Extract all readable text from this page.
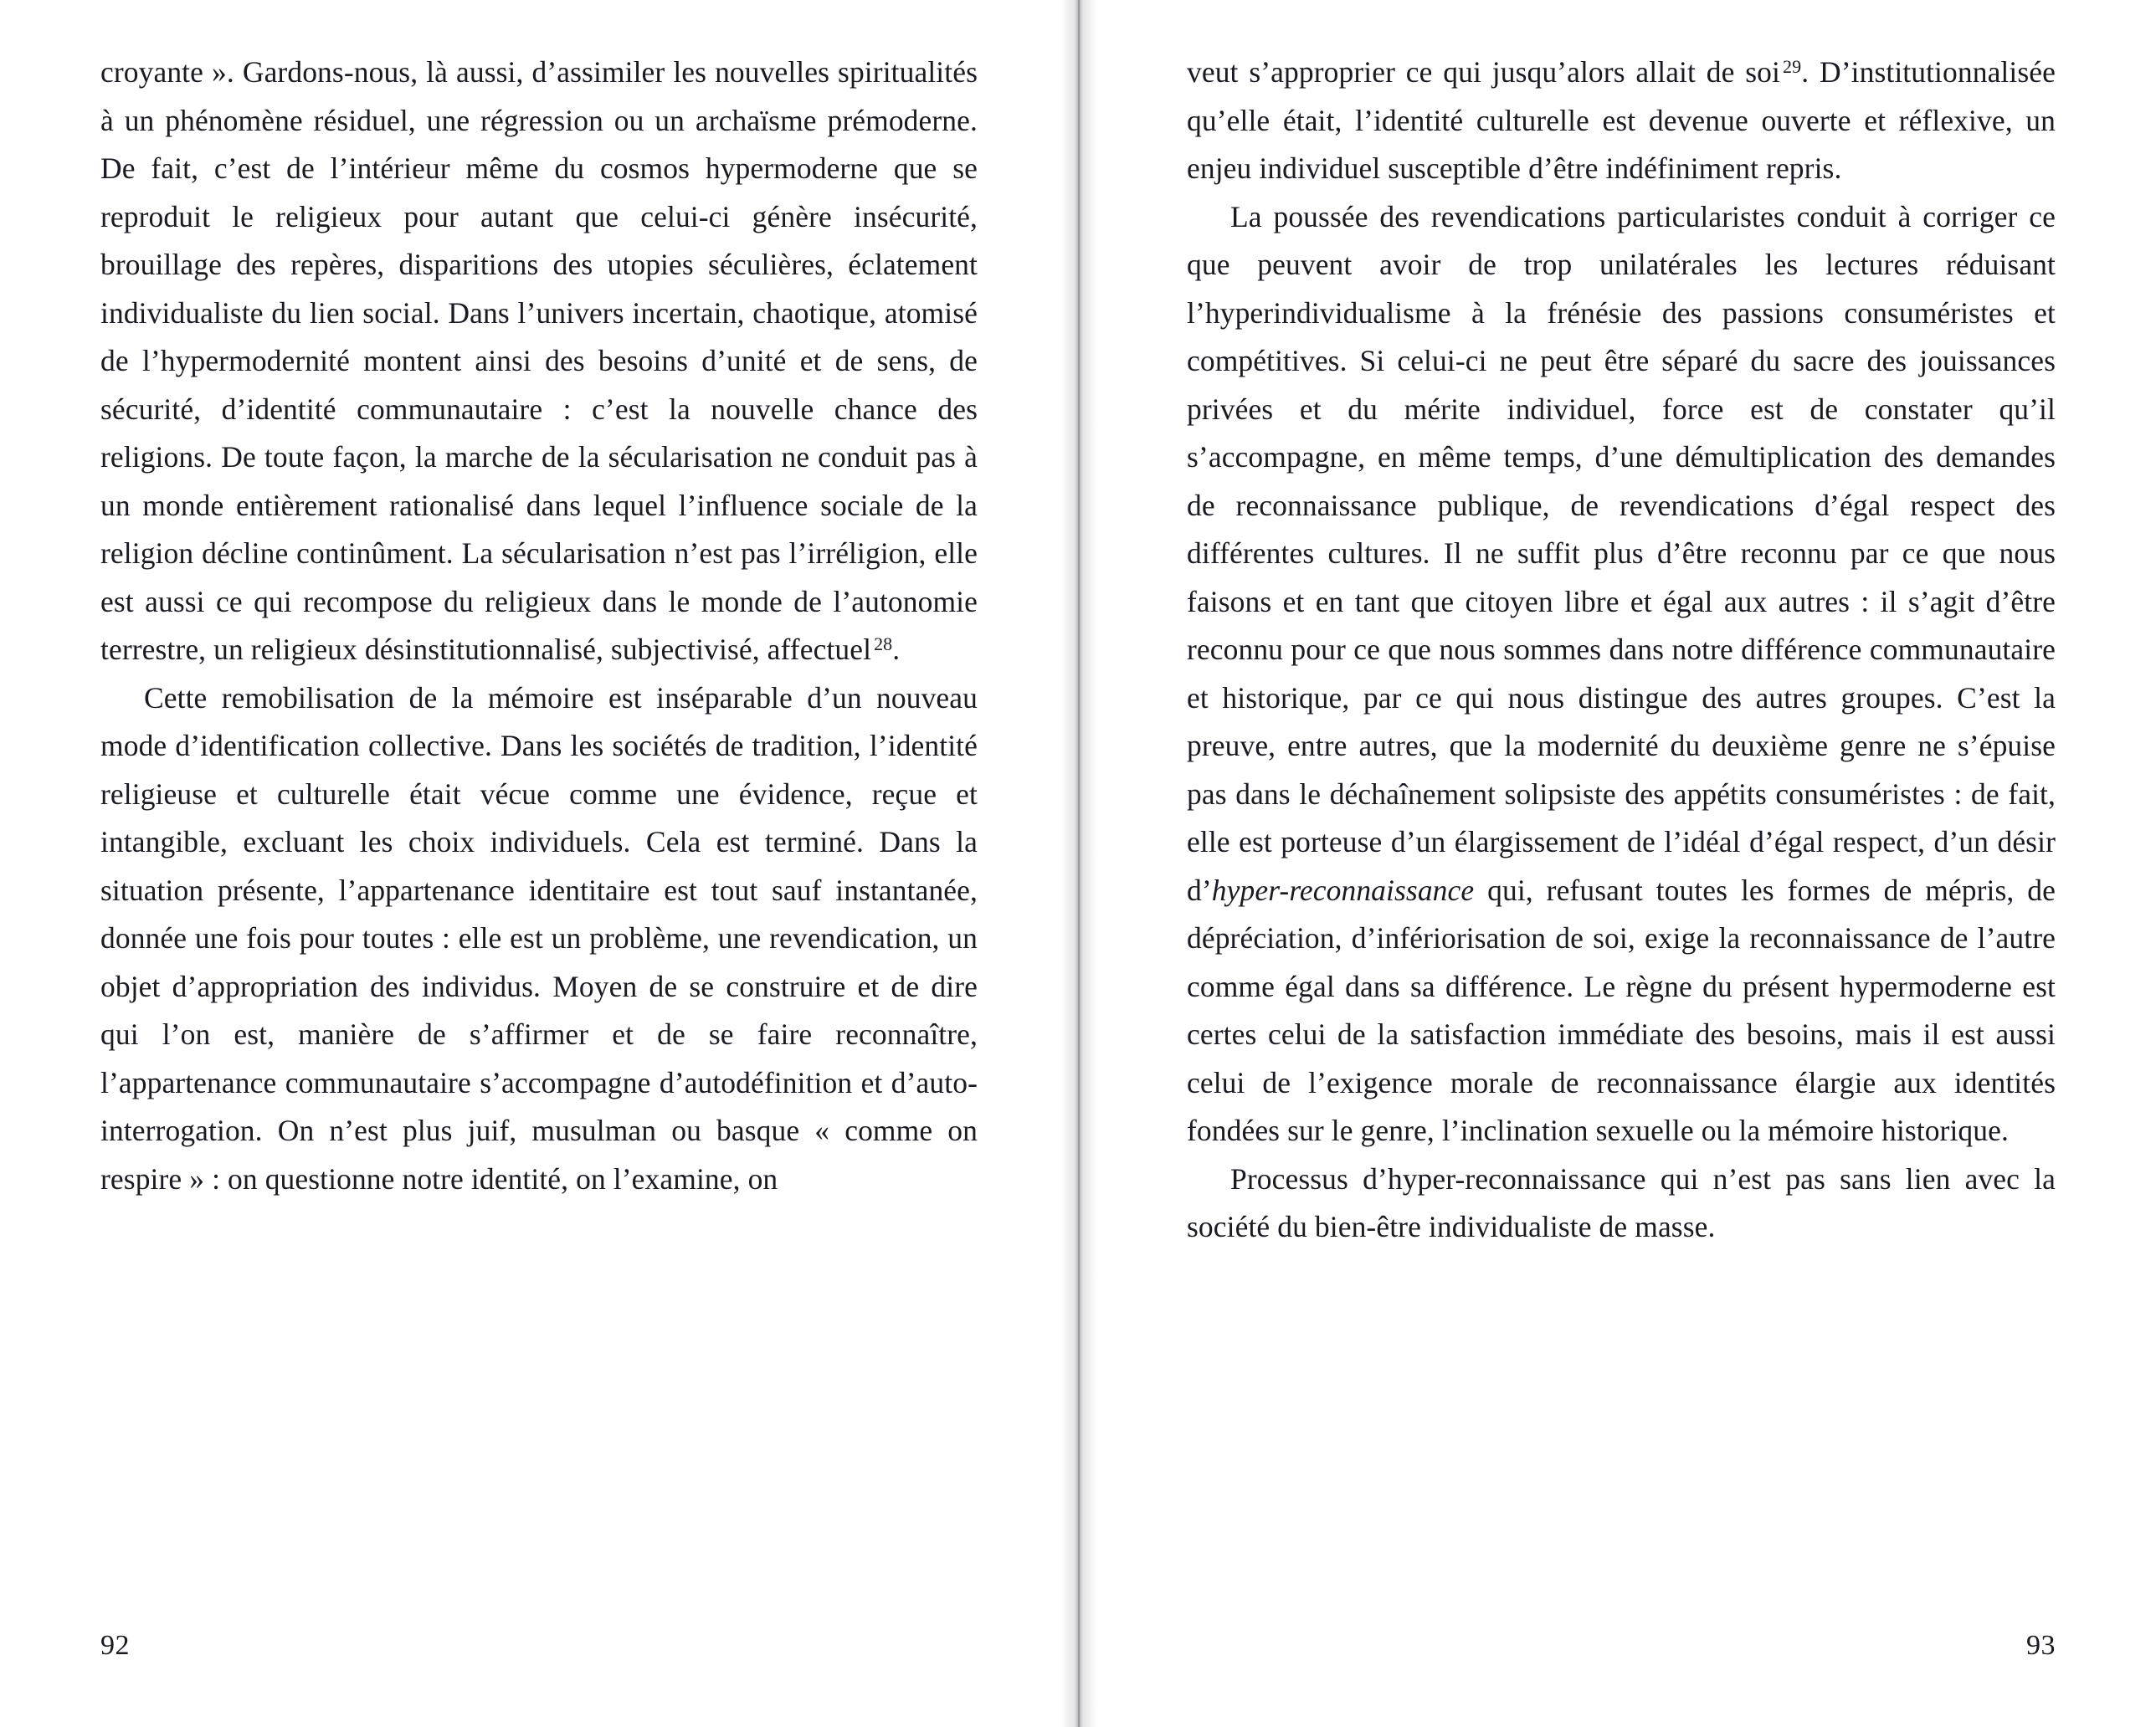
croyante ». Gardons-nous, là aussi, d’assimiler les nouvelles spiritualités à un phénomène résiduel, une régression ou un archaïsme prémoderne. De fait, c’est de l’intérieur même du cosmos hypermoderne que se reproduit le religieux pour autant que celui-ci génère insécurité, brouillage des repères, disparitions des utopies séculières, éclatement individualiste du lien social. Dans l’univers incertain, chaotique, atomisé de l’hypermodernité montent ainsi des besoins d’unité et de sens, de sécurité, d’identité communautaire : c’est la nouvelle chance des religions. De toute façon, la marche de la sécularisation ne conduit pas à un monde entièrement rationalisé dans lequel l’influence sociale de la religion décline continûment. La sécularisation n’est pas l’irréligion, elle est aussi ce qui recompose du religieux dans le monde de l’autonomie terrestre, un religieux désinstitutionnalisé, subjectivisé, affectuel $^{28}$.

Cette remobilisation de la mémoire est inséparable d’un nouveau mode d’identification collective. Dans les sociétés de tradition, l’identité religieuse et culturelle était vécue comme une évidence, reçue et intangible, excluant les choix individuels. Cela est terminé. Dans la situation présente, l’appartenance identitaire est tout sauf instantanée, donnée une fois pour toutes : elle est un problème, une revendication, un objet d’appropriation des individus. Moyen de se construire et de dire qui l’on est, manière de s’affirmer et de se faire reconnaître, l’appartenance communautaire s’accompagne d’autodéfinition et d’auto-interrogation. On n’est plus juif, musulman ou basque « comme on respire » : on questionne notre identité, on l’examine, on

92

veut s’approprier ce qui jusqu’alors allait de soi $^{29}$. D’institutionnalisée qu’elle était, l’identité culturelle est devenue ouverte et réflexive, un enjeu individuel susceptible d’être indéfiniment repris.

La poussée des revendications particularistes conduit à corriger ce que peuvent avoir de trop unilatérales les lectures réduisant l’hyperindividualisme à la frénésie des passions consuméristes et compétitives. Si celui-ci ne peut être séparé du sacre des jouissances privées et du mérite individuel, force est de constater qu’il s’accompagne, en même temps, d’une démultiplication des demandes de reconnaissance publique, de revendications d’égal respect des différentes cultures. Il ne suffit plus d’être reconnu par ce que nous faisons et en tant que citoyen libre et égal aux autres : il s’agit d’être reconnu pour ce que nous sommes dans notre différence communautaire et historique, par ce qui nous distingue des autres groupes. C’est la preuve, entre autres, que la modernité du deuxième genre ne s’épuise pas dans le déchaînement solipsiste des appétits consuméristes : de fait, elle est porteuse d’un élargissement de l’idéal d’égal respect, d’un désir d’hyper-reconnaissance qui, refusant toutes les formes de mépris, de dépréciation, d’infériorisation de soi, exige la reconnaissance de l’autre comme égal dans sa différence. Le règne du présent hypermoderne est certes celui de la satisfaction immédiate des besoins, mais il est aussi celui de l’exigence morale de reconnaissance élargie aux identités fondées sur le genre, l’inclination sexuelle ou la mémoire historique.

Processus d’hyper-reconnaissance qui n’est pas sans lien avec la société du bien-être individualiste de masse.

93
